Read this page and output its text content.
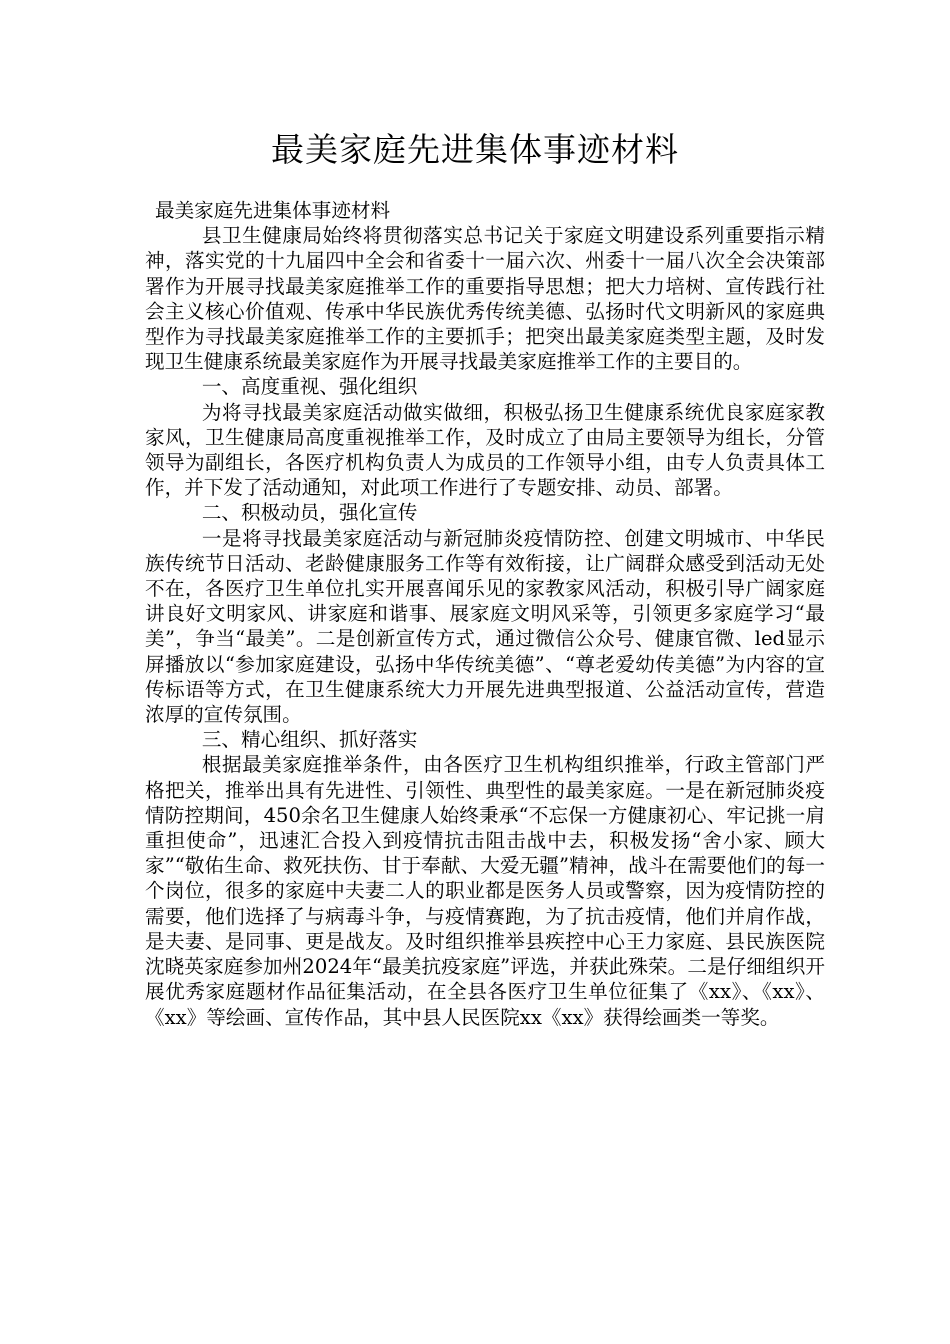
最美家庭先进集体事迹材料

最美家庭先进集体事迹材料

县卫生健康局始终将贯彻落实总书记关于家庭文明建设系列重要指示精神，落实党的十九届四中全会和省委十一届六次、州委十一届八次全会决策部署作为开展寻找最美家庭推举工作的重要指导思想；把大力培树、宣传践行社会主义核心价值观、传承中华民族优秀传统美德、弘扬时代文明新风的家庭典型作为寻找最美家庭推举工作的主要抓手；把突出最美家庭类型主题，及时发现卫生健康系统最美家庭作为开展寻找最美家庭推举工作的主要目的。

一、高度重视、强化组织

为将寻找最美家庭活动做实做细，积极弘扬卫生健康系统优良家庭家教家风，卫生健康局高度重视推举工作，及时成立了由局主要领导为组长，分管领导为副组长，各医疗机构负责人为成员的工作领导小组，由专人负责具体工作，并下发了活动通知，对此项工作进行了专题安排、动员、部署。

二、积极动员，强化宣传

一是将寻找最美家庭活动与新冠肺炎疫情防控、创建文明城市、中华民族传统节日活动、老龄健康服务工作等有效衔接，让广阔群众感受到活动无处不在，各医疗卫生单位扎实开展喜闻乐见的家教家风活动，积极引导广阔家庭讲良好文明家风、讲家庭和谐事、展家庭文明风采等，引领更多家庭学习“最美”，争当“最美”。二是创新宣传方式，通过微信公众号、健康官微、led显示屏播放以“参加家庭建设，弘扬中华传统美德”、“尊老爱幼传美德”为内容的宣传标语等方式，在卫生健康系统大力开展先进典型报道、公益活动宣传，营造浓厚的宣传氛围。

三、精心组织、抓好落实

根据最美家庭推举条件，由各医疗卫生机构组织推举，行政主管部门严格把关，推举出具有先进性、引领性、典型性的最美家庭。一是在新冠肺炎疫情防控期间，450余名卫生健康人始终秉承“不忘保一方健康初心、牢记挑一肩重担使命”，迅速汇合投入到疫情抗击阻击战中去，积极发扬“舍小家、顾大家”“敬佑生命、救死扶伤、甘于奉献、大爱无疆”精神，战斗在需要他们的每一个岗位，很多的家庭中夫妻二人的职业都是医务人员或警察，因为疫情防控的需要，他们选择了与病毒斗争，与疫情赛跑，为了抗击疫情，他们并肩作战，是夫妻、是同事、更是战友。及时组织推举县疾控中心王力家庭、县民族医院沈晓英家庭参加州2024年“最美抗疫家庭”评选，并获此殊荣。二是仔细组织开展优秀家庭题材作品征集活动，在全县各医疗卫生单位征集了《xx》、《xx》、《xx》等绘画、宣传作品，其中县人民医院xx《xx》获得绘画类一等奖。
